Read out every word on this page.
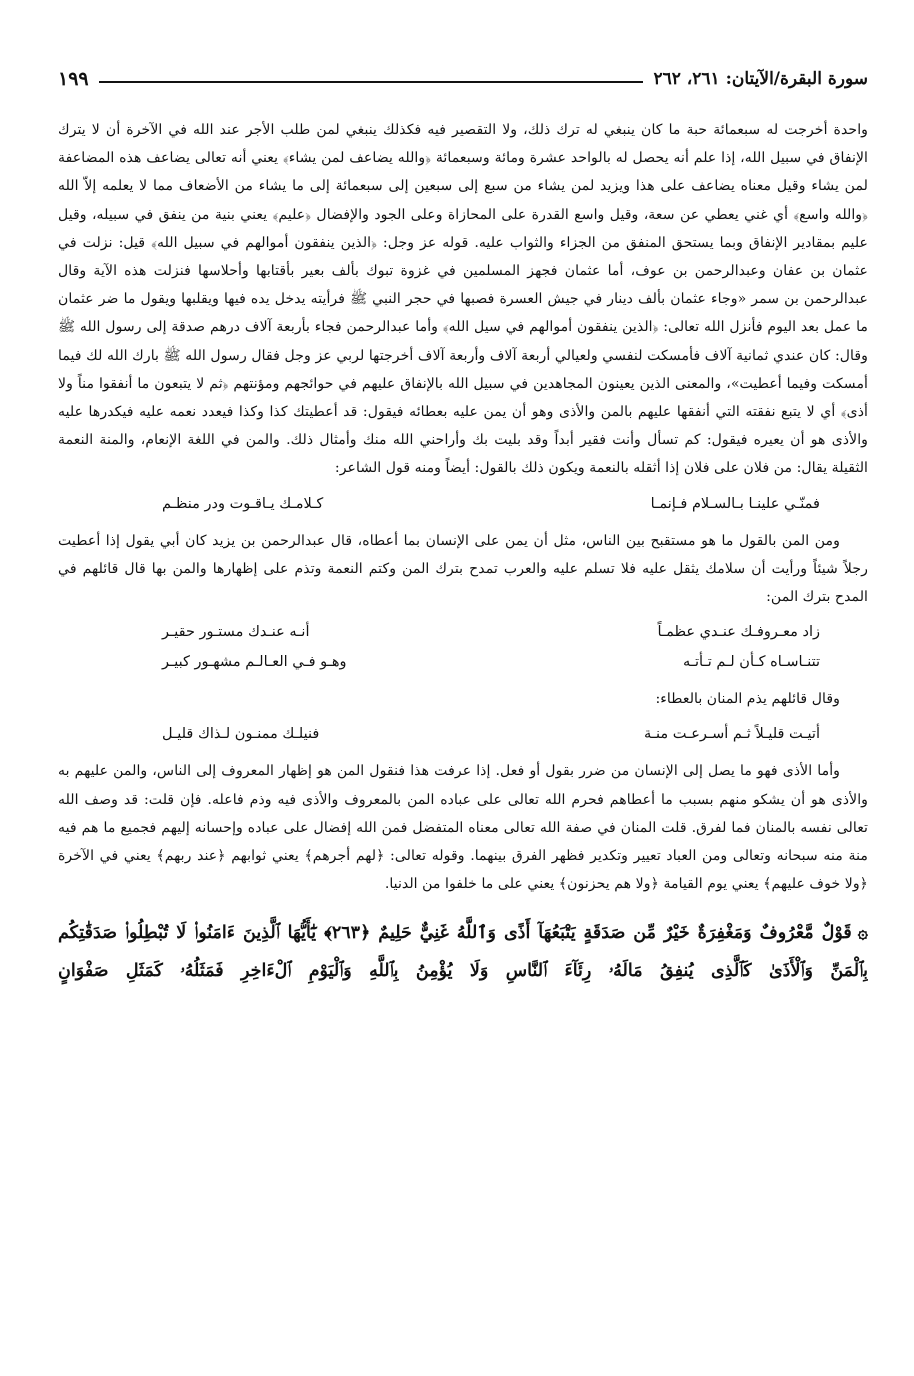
سورة البقرة/الآيتان: ٢٦١، ٢٦٢
١٩٩

واحدة أخرجت له سبعمائة حبة ما كان ينبغي له ترك ذلك، ولا التقصير فيه فكذلك ينبغي لمن طلب الأجر عند الله في الآخرة أن لا يترك الإنفاق في سبيل الله، إذا علم أنه يحصل له بالواحد عشرة ومائة وسبعمائة ﴿والله يضاعف لمن يشاء﴾ يعني أنه تعالى يضاعف هذه المضاعفة لمن يشاء وقيل معناه يضاعف على هذا ويزيد لمن يشاء من سبع إلى سبعين إلى سبعمائة إلى ما يشاء من الأضعاف مما لا يعلمه إلاّ الله ﴿والله واسع﴾ أي غني يعطي عن سعة، وقيل واسع القدرة على المحازاة وعلى الجود والإفضال ﴿عليم﴾ يعني بنية من ينفق في سبيله، وقيل عليم بمقادير الإنفاق وبما يستحق المنفق من الجزاء والثواب عليه. قوله عز وجل: ﴿الذين ينفقون أموالهم في سبيل الله﴾ قيل: نزلت في عثمان بن عفان وعبدالرحمن بن عوف، أما عثمان فجهز المسلمين في غزوة تبوك بألف بعير بأقتابها وأحلاسها فنزلت هذه الآية وقال عبدالرحمن بن سمر «وجاء عثمان بألف دينار في جيش العسرة فصبها في حجر النبي ﷺ فرأيته يدخل يده فيها ويقلبها ويقول ما ضر عثمان ما عمل بعد اليوم فأنزل الله تعالى: ﴿الذين ينفقون أموالهم في سيل الله﴾ وأما عبدالرحمن فجاء بأربعة آلاف درهم صدقة إلى رسول الله ﷺ وقال: كان عندي ثمانية آلاف فأمسكت لنفسي ولعيالي أربعة آلاف وأربعة آلاف أخرجتها لربي عز وجل فقال رسول الله ﷺ بارك الله لك فيما أمسكت وفيما أعطيت»، والمعنى الذين يعينون المجاهدين في سبيل الله بالإنفاق عليهم في حوائجهم ومؤنتهم ﴿ثم لا يتبعون ما أنفقوا مناً ولا أذى﴾ أي لا يتبع نفقته التي أنفقها عليهم بالمن والأذى وهو أن يمن عليه بعطائه فيقول: قد أعطيتك كذا وكذا فيعدد نعمه عليه فيكدرها عليه والأذى هو أن يعيره فيقول: كم تسأل وأنت فقير أبداً وقد بليت بك وأراحني الله منك وأمثال ذلك. والمن في اللغة الإنعام، والمنة النعمة الثقيلة يقال: من فلان على فلان إذا أثقله بالنعمة ويكون ذلك بالقول: أيضاً ومنه قول الشاعر:

فمنّـي علينـا بـالسـلام فـإنمـا
كـلامـك يـاقـوت ودر منظـم

ومن المن بالقول ما هو مستقبح بين الناس، مثل أن يمن على الإنسان بما أعطاه، قال عبدالرحمن بن يزيد كان أبي يقول إذا أعطيت رجلاً شيئاً ورأيت أن سلامك يثقل عليه فلا تسلم عليه والعرب تمدح بترك المن وكتم النعمة وتذم على إظهارها والمن بها قال قائلهم في المدح بترك المن:

زاد معـروفـك عنـدي عظمـاً
أنـه عنـدك مستـور حقيـر
تتنـاسـاه كـأن لـم تـأتـه
وهـو فـي العـالـم مشهـور كبيـر

وقال قائلهم يذم المنان بالعطاء:

أتيـت قليـلاً ثـم أسـرعـت منـة
فنيلـك ممنـون لـذاك قليـل

وأما الأذى فهو ما يصل إلى الإنسان من ضرر بقول أو فعل. إذا عرفت هذا فنقول المن هو إظهار المعروف إلى الناس، والمن عليهم به والأذى هو أن يشكو منهم بسبب ما أعطاهم فحرم الله تعالى على عباده المن بالمعروف والأذى فيه وذم فاعله. فإن قلت: قد وصف الله تعالى نفسه بالمنان فما لفرق. قلت المنان في صفة الله تعالى معناه المتفضل فمن الله إفضال على عباده وإحسانه إليهم فجميع ما هم فيه منة منه سبحانه وتعالى ومن العباد تعيير وتكدير فظهر الفرق بينهما. وقوله تعالى: ﴿لهم أجرهم﴾ يعني ثوابهم ﴿عند ربهم﴾ يعني في الآخرة ﴿ولا خوف عليهم﴾ يعني يوم القيامة ﴿ولا هم يحزنون﴾ يعني على ما خلفوا من الدنيا.

۞قَوْلٌ مَّعْرُوفٌ وَمَغْفِرَةٌ خَيْرٌ مِّن صَدَقَةٍ يَتْبَعُهَآ أَذًى وَٱللَّهُ غَنِيٌّ حَلِيمٌ ﴿٢٦٣﴾ يَٰٓأَيُّهَا ٱلَّذِينَ ءَامَنُوا۟ لَا تُبْطِلُوا۟ صَدَقَٰتِكُم بِٱلْمَنِّ وَٱلْأَذَىٰ كَٱلَّذِى يُنفِقُ مَالَهُۥ رِئَآءَ ٱلنَّاسِ وَلَا يُؤْمِنُ بِٱللَّهِ وَٱلْيَوْمِ ٱلْءَاخِرِ فَمَثَلُهُۥ كَمَثَلِ صَفْوَانٍ
